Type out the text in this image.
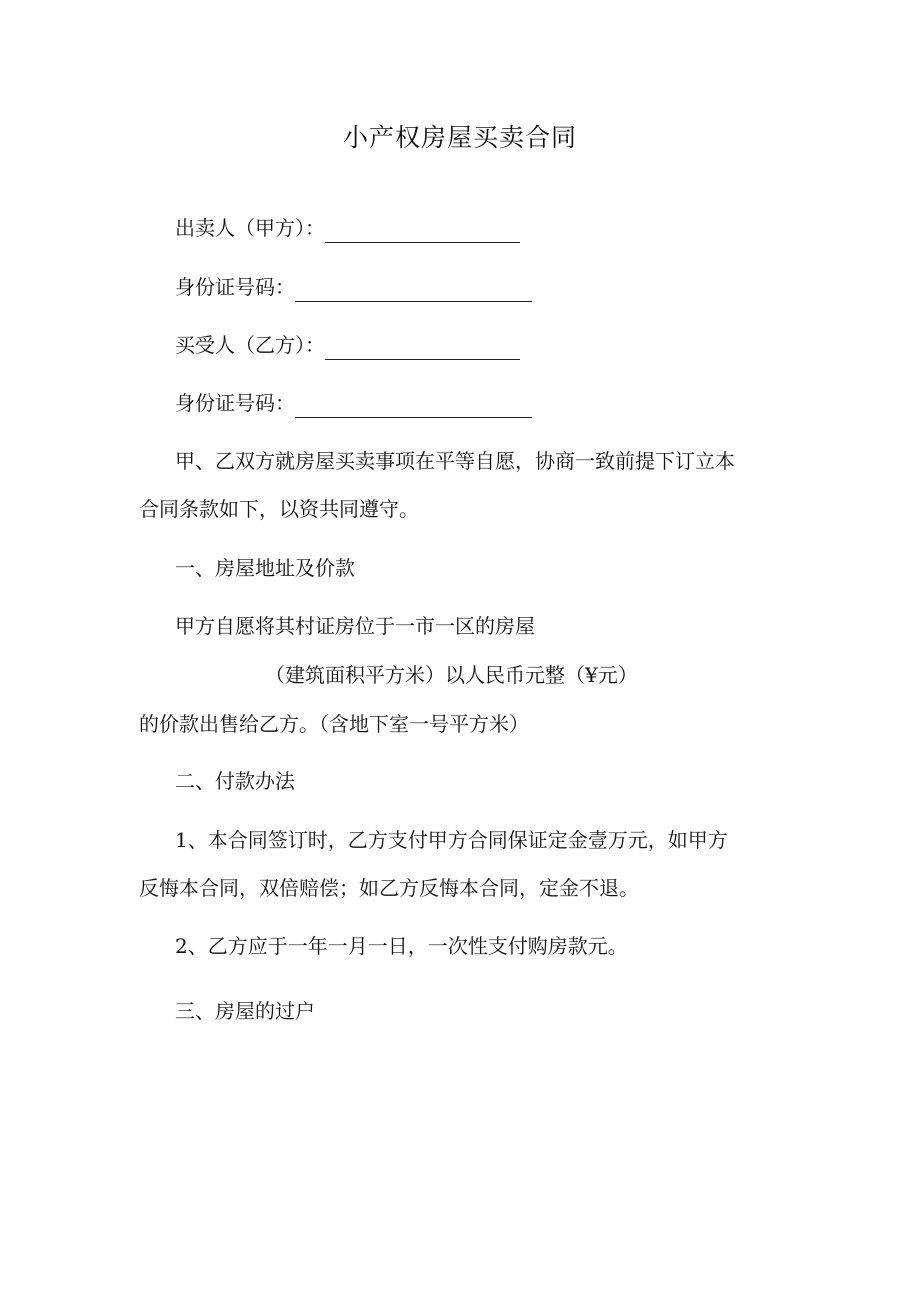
小产权房屋买卖合同
出卖人（甲方）：
身份证号码：
买受人（乙方）：
身份证号码：
甲、乙双方就房屋买卖事项在平等自愿，协商一致前提下订立本
合同条款如下，以资共同遵守。
一、房屋地址及价款
甲方自愿将其村证房位于一市一区的房屋
（建筑面积平方米）以人民币元整（¥元）
的价款出售给乙方。（含地下室一号平方米）
二、付款办法
1、本合同签订时，乙方支付甲方合同保证定金壹万元，如甲方
反悔本合同，双倍赔偿；如乙方反悔本合同，定金不退。
2、乙方应于一年一月一日，一次性支付购房款元。
三、房屋的过户
